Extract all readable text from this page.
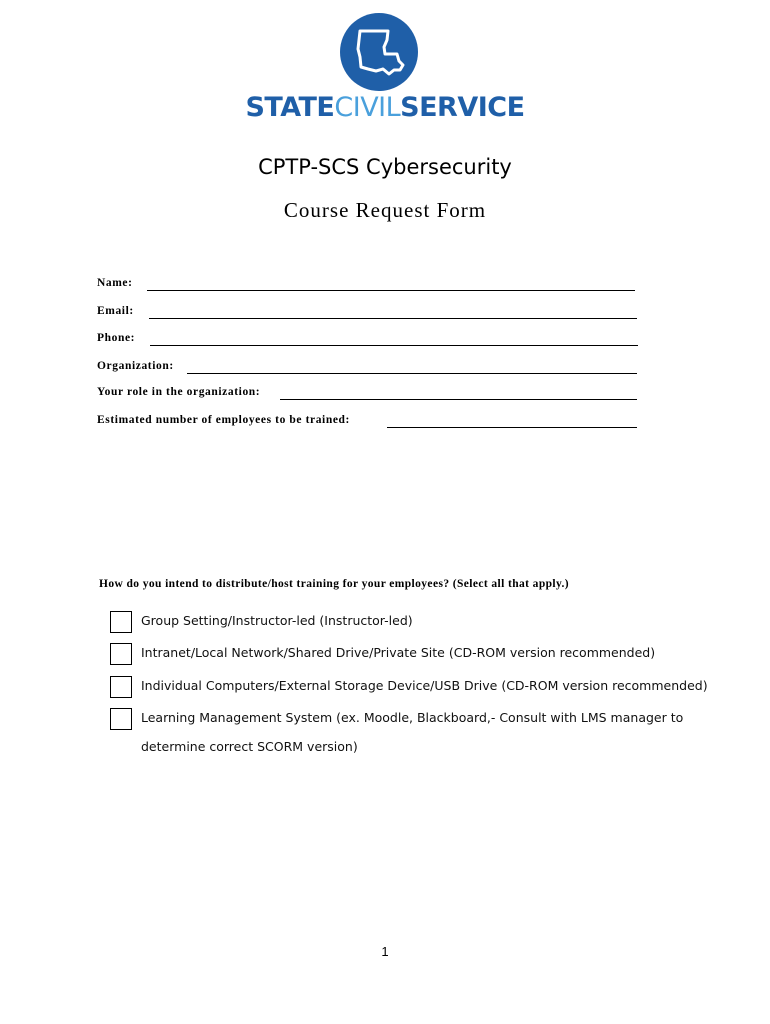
STATECIVILSERVICE
CPTP-SCS Cybersecurity
Course Request Form
Name:
Email:
Phone:
Organization:
Your role in the organization:
Estimated number of employees to be trained:
How do you intend to distribute/host training for your employees? (Select all that apply.)
Group Setting/Instructor-led (Instructor-led)
Intranet/Local Network/Shared Drive/Private Site (CD-ROM version recommended)
Individual Computers/External Storage Device/USB Drive (CD-ROM version recommended)
Learning Management System (ex. Moodle, Blackboard,- Consult with LMS manager to
determine correct SCORM version)
1
